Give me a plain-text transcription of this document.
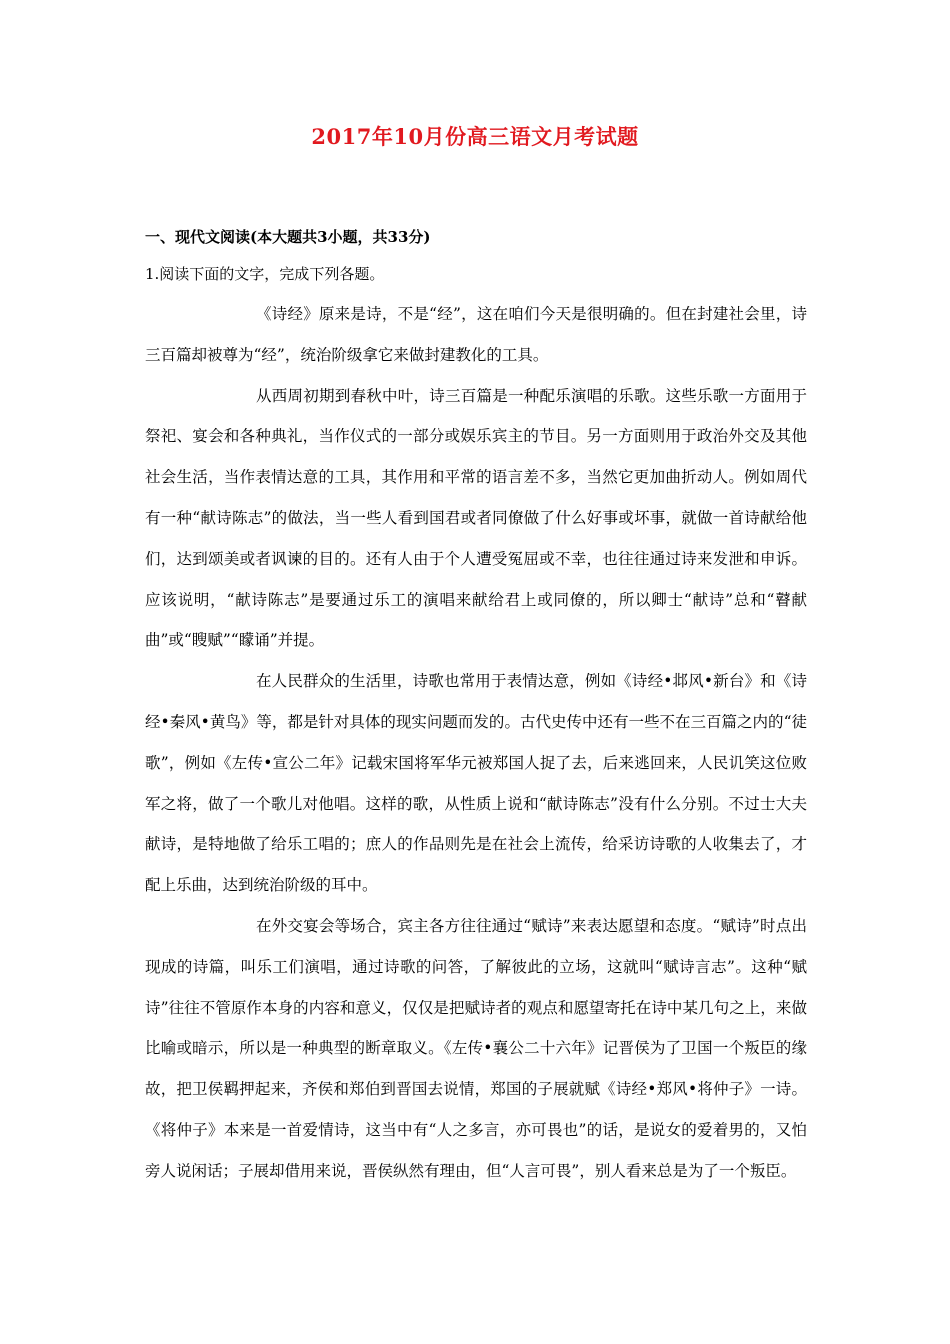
2017年10月份高三语文月考试题
一、现代文阅读(本大题共3小题，共33分)
1.阅读下面的文字，完成下列各题。

《诗经》原来是诗，不是“经”，这在咱们今天是很明确的。但在封建社会里，诗三百篇却被尊为“经”，统治阶级拿它来做封建教化的工具。

从西周初期到春秋中叶，诗三百篇是一种配乐演唱的乐歌。这些乐歌一方面用于祭祀、宴会和各种典礼，当作仪式的一部分或娱乐宾主的节目。另一方面则用于政治外交及其他社会生活，当作表情达意的工具，其作用和平常的语言差不多，当然它更加曲折动人。例如周代有一种“献诗陈志”的做法，当一些人看到国君或者同僚做了什么好事或坏事，就做一首诗献给他们，达到颂美或者讽谏的目的。还有人由于个人遭受冤屈或不幸，也往往通过诗来发泄和申诉。应该说明，“献诗陈志”是要通过乐工的演唱来献给君上或同僚的，所以卿士“献诗”总和“瞽献曲”或“瞍赋”“矇诵”并提。

在人民群众的生活里，诗歌也常用于表情达意，例如《诗经•邶风•新台》和《诗经•秦风•黄鸟》等，都是针对具体的现实问题而发的。古代史传中还有一些不在三百篇之内的“徒歌”，例如《左传•宣公二年》记载宋国将军华元被郑国人捉了去，后来逃回来，人民讥笑这位败军之将，做了一个歌儿对他唱。这样的歌，从性质上说和“献诗陈志”没有什么分别。不过士大夫献诗，是特地做了给乐工唱的；庶人的作品则先是在社会上流传，给采访诗歌的人收集去了，才配上乐曲，达到统治阶级的耳中。

在外交宴会等场合，宾主各方往往通过“赋诗”来表达愿望和态度。“赋诗”时点出现成的诗篇，叫乐工们演唱，通过诗歌的问答，了解彼此的立场，这就叫“赋诗言志”。这种“赋诗”往往不管原作本身的内容和意义，仅仅是把赋诗者的观点和愿望寄托在诗中某几句之上，来做比喻或暗示，所以是一种典型的断章取义。《左传•襄公二十六年》记晋侯为了卫国一个叛臣的缘故，把卫侯羁押起来，齐侯和郑伯到晋国去说情，郑国的子展就赋《诗经•郑风•将仲子》一诗。《将仲子》本来是一首爱情诗，这当中有“人之多言，亦可畏也”的话，是说女的爱着男的，又怕旁人说闲话；子展却借用来说，晋侯纵然有理由，但“人言可畏”，别人看来总是为了一个叛臣。
